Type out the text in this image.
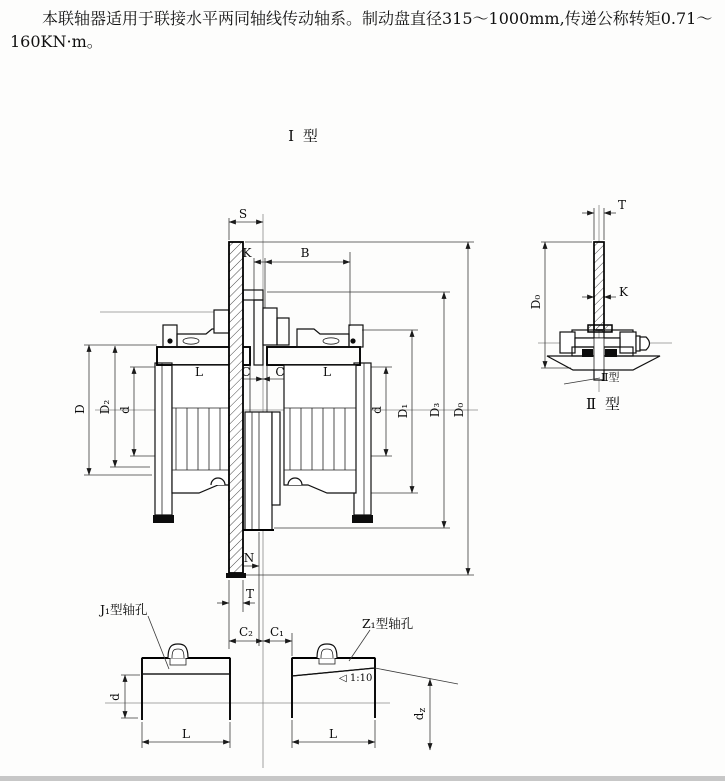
本联轴器适用于联接水平两同轴线传动轴系。制动盘直径315～1000mm,传递公称转矩0.71～
160KN·m。
S
K	B
L	C C	L
N
T
C₂ C₁
D D₂ d	d D₁ D₃ D₀
Ⅰ 型
T
K
D₀
Ⅱ型
Ⅱ 型
d
L
J₁型轴孔
◁ 1:10
Z₁型轴孔
L
dz
